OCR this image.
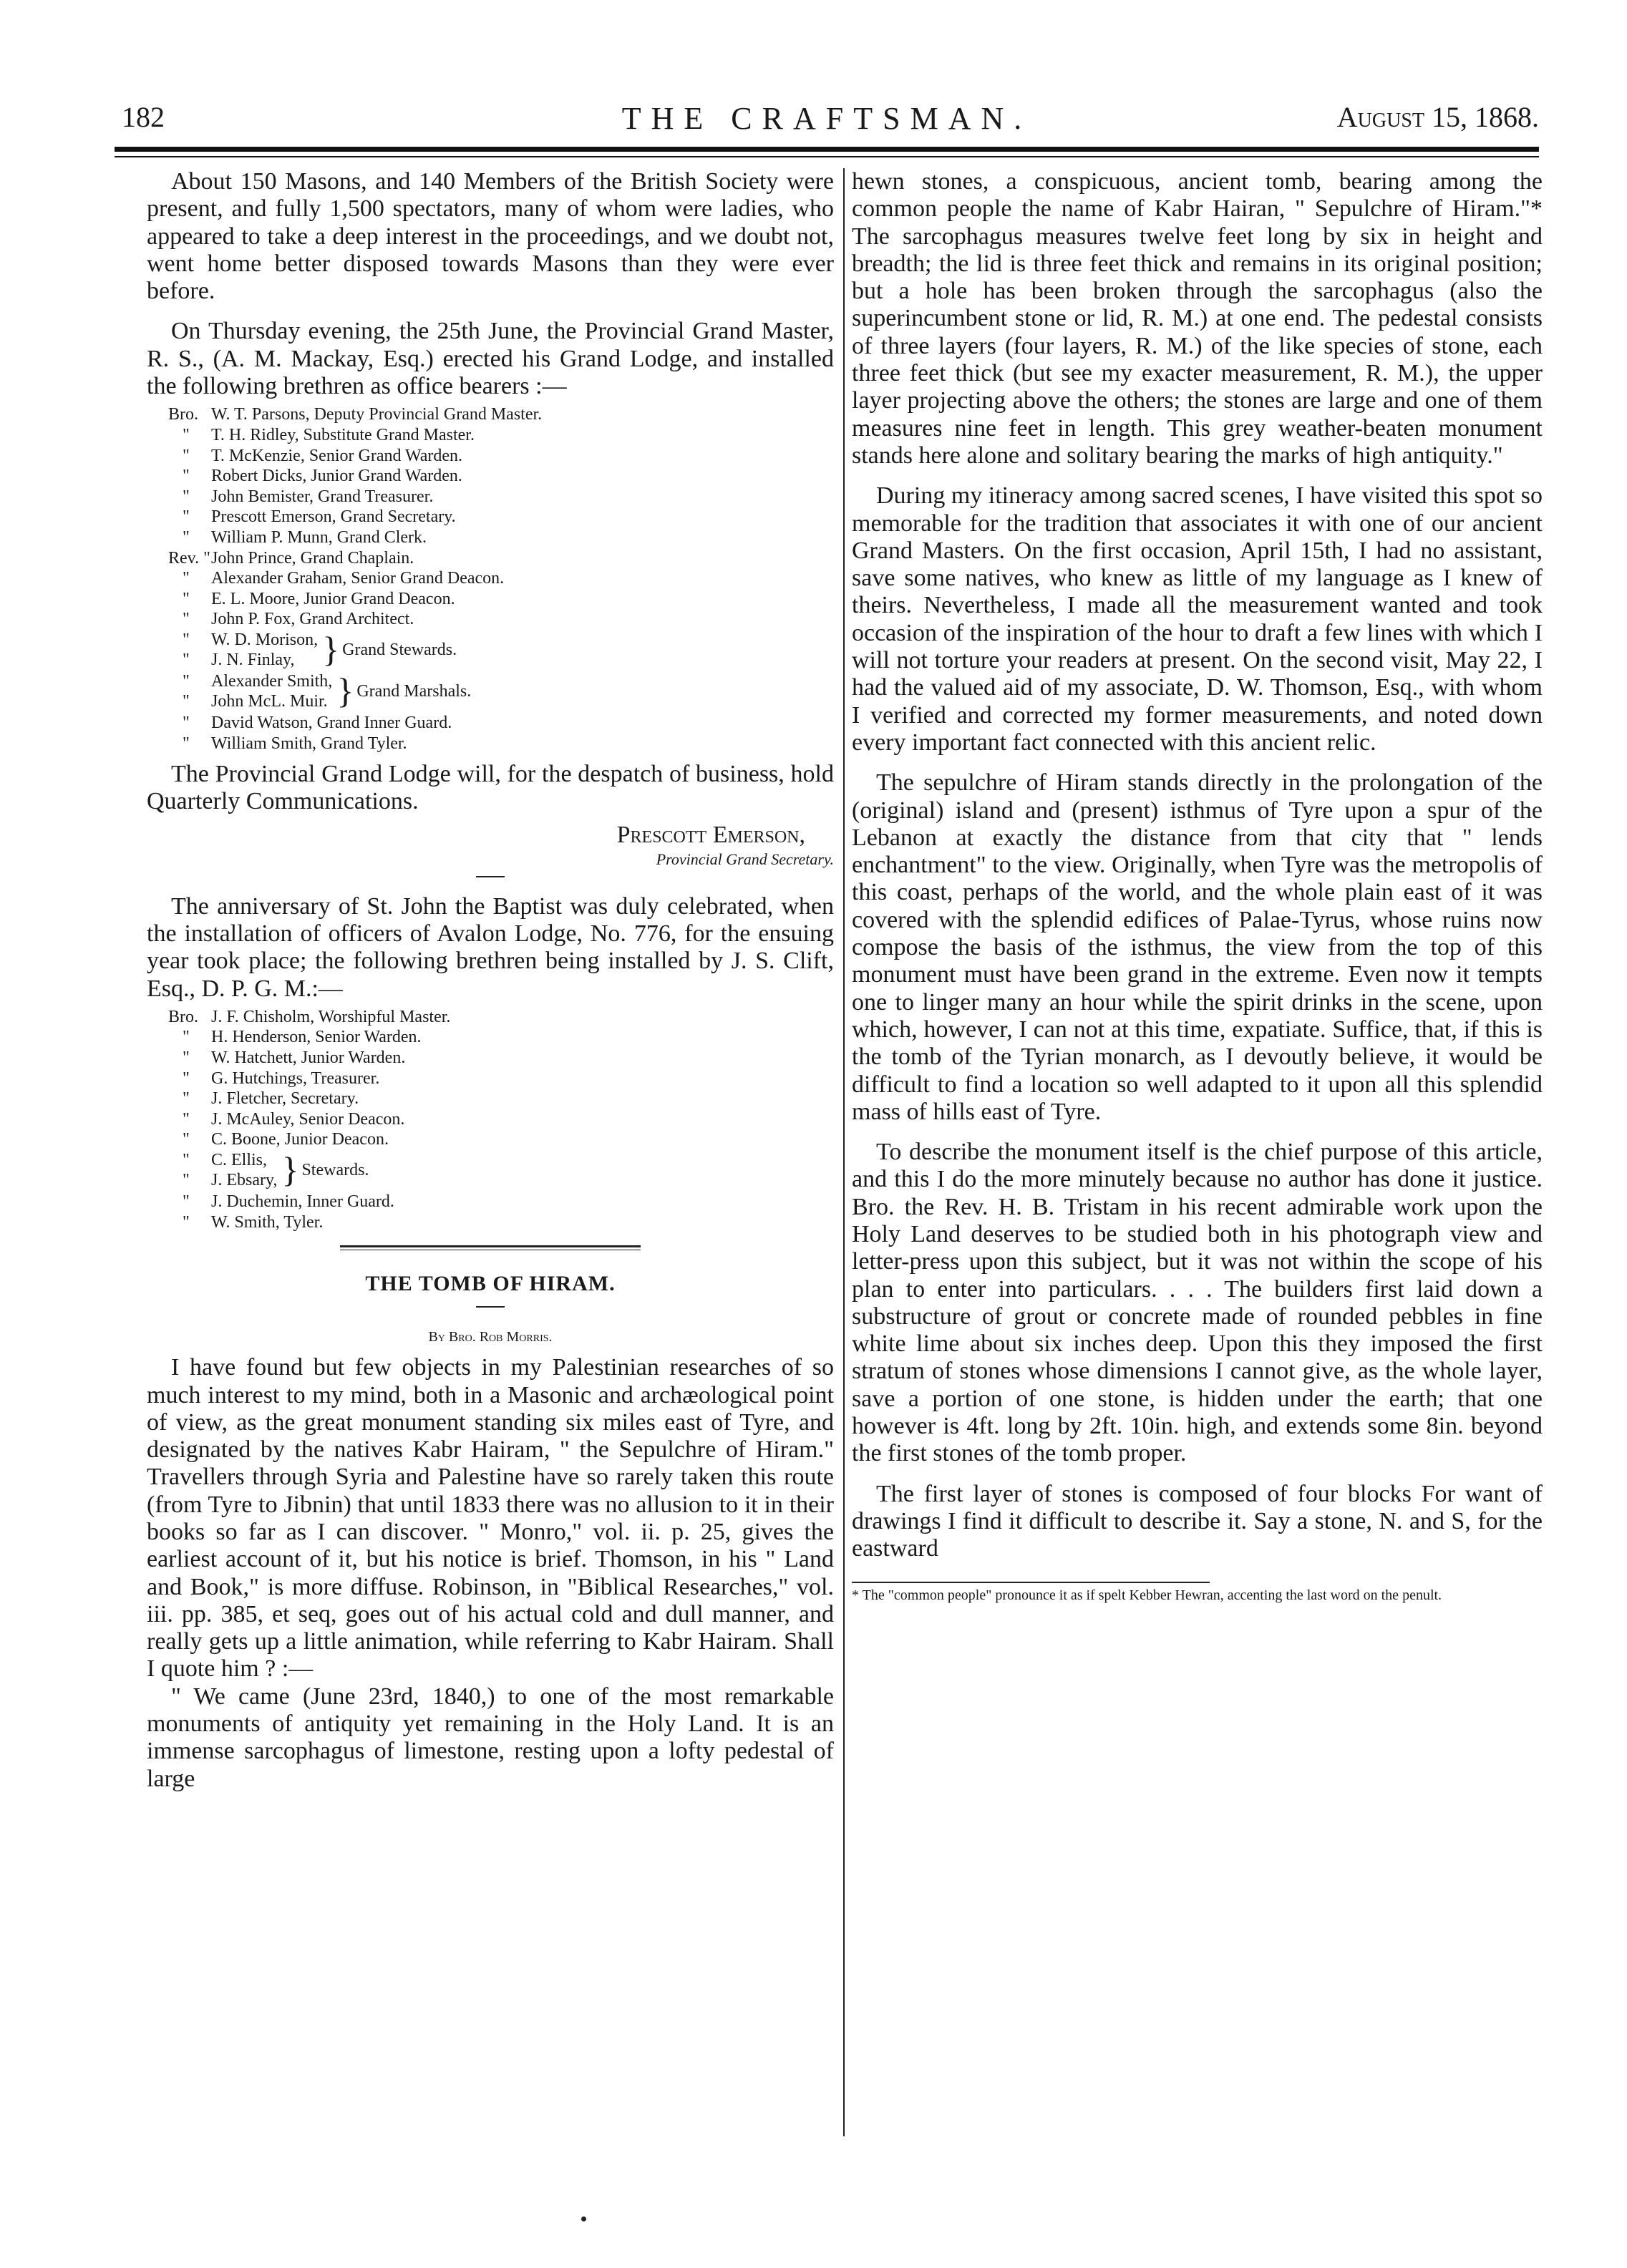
182	THE CRAFTSMAN.	August 15, 1868.

About 150 Masons, and 140 Members of the British Society were present, and fully 1,500 spectators, many of whom were ladies, who appeared to take a deep interest in the proceedings, and we doubt not, went home better disposed towards Masons than they were ever before.

On Thursday evening, the 25th June, the Provincial Grand Master, R. S., (A. M. Mackay, Esq.) erected his Grand Lodge, and installed the following brethren as office bearers :—

Bro. W. T. Parsons, Deputy Provincial Grand Master.
" T. H. Ridley, Substitute Grand Master.
" T. McKenzie, Senior Grand Warden.
" Robert Dicks, Junior Grand Warden.
" John Bemister, Grand Treasurer.
" Prescott Emerson, Grand Secretary.
" William P. Munn, Grand Clerk.
Rev. " John Prince, Grand Chaplain.
" Alexander Graham, Senior Grand Deacon.
" E. L. Moore, Junior Grand Deacon.
" John P. Fox, Grand Architect.
"
"
W. D. Morison,
J. N. Finlay, } Grand Stewards.
"
"
Alexander Smith,
John McL. Muir. } Grand Marshals.
" David Watson, Grand Inner Guard.
" William Smith, Grand Tyler.

The Provincial Grand Lodge will, for the despatch of business, hold Quarterly Communications.

Prescott Emerson,
Provincial Grand Secretary.

The anniversary of St. John the Baptist was duly celebrated, when the installation of officers of Avalon Lodge, No. 776, for the ensuing year took place; the following brethren being installed by J. S. Clift, Esq., D. P. G. M.:—

Bro. J. F. Chisholm, Worshipful Master.
" H. Henderson, Senior Warden.
" W. Hatchett, Junior Warden.
" G. Hutchings, Treasurer.
" J. Fletcher, Secretary.
" J. McAuley, Senior Deacon.
" C. Boone, Junior Deacon.
"
"
C. Ellis,
J. Ebsary, } Stewards.
" J. Duchemin, Inner Guard.
" W. Smith, Tyler.
THE TOMB OF HIRAM.
By Bro. Rob Morris.

I have found but few objects in my Palestinian researches of so much interest to my mind, both in a Masonic and archæological point of view, as the great monument standing six miles east of Tyre, and designated by the natives Kabr Hairam, " the Sepulchre of Hiram." Travellers through Syria and Palestine have so rarely taken this route (from Tyre to Jibnin) that until 1833 there was no allusion to it in their books so far as I can discover. " Monro," vol. ii. p. 25, gives the earliest account of it, but his notice is brief. Thomson, in his " Land and Book," is more diffuse. Robinson, in "Biblical Researches," vol. iii. pp. 385, et seq, goes out of his actual cold and dull manner, and really gets up a little animation, while referring to Kabr Hairam. Shall I quote him ? :—

" We came (June 23rd, 1840,) to one of the most remarkable monuments of antiquity yet remaining in the Holy Land. It is an immense sarcophagus of limestone, resting upon a lofty pedestal of large

hewn stones, a conspicuous, ancient tomb, bearing among the common people the name of Kabr Hairan, " Sepulchre of Hiram."* The sarcophagus measures twelve feet long by six in height and breadth; the lid is three feet thick and remains in its original position; but a hole has been broken through the sarcophagus (also the superincumbent stone or lid, R. M.) at one end. The pedestal consists of three layers (four layers, R. M.) of the like species of stone, each three feet thick (but see my exacter measurement, R. M.), the upper layer projecting above the others; the stones are large and one of them measures nine feet in length. This grey weather-beaten monument stands here alone and solitary bearing the marks of high antiquity."

During my itineracy among sacred scenes, I have visited this spot so memorable for the tradition that associates it with one of our ancient Grand Masters. On the first occasion, April 15th, I had no assistant, save some natives, who knew as little of my language as I knew of theirs. Nevertheless, I made all the measurement wanted and took occasion of the inspiration of the hour to draft a few lines with which I will not torture your readers at present. On the second visit, May 22, I had the valued aid of my associate, D. W. Thomson, Esq., with whom I verified and corrected my former measurements, and noted down every important fact connected with this ancient relic.

The sepulchre of Hiram stands directly in the prolongation of the (original) island and (present) isthmus of Tyre upon a spur of the Lebanon at exactly the distance from that city that " lends enchantment" to the view. Originally, when Tyre was the metropolis of this coast, perhaps of the world, and the whole plain east of it was covered with the splendid edifices of Palae-Tyrus, whose ruins now compose the basis of the isthmus, the view from the top of this monument must have been grand in the extreme. Even now it tempts one to linger many an hour while the spirit drinks in the scene, upon which, however, I can not at this time, expatiate. Suffice, that, if this is the tomb of the Tyrian monarch, as I devoutly believe, it would be difficult to find a location so well adapted to it upon all this splendid mass of hills east of Tyre.

To describe the monument itself is the chief purpose of this article, and this I do the more minutely because no author has done it justice. Bro. the Rev. H. B. Tristam in his recent admirable work upon the Holy Land deserves to be studied both in his photograph view and letter-press upon this subject, but it was not within the scope of his plan to enter into particulars. . . . The builders first laid down a substructure of grout or concrete made of rounded pebbles in fine white lime about six inches deep. Upon this they imposed the first stratum of stones whose dimensions I cannot give, as the whole layer, save a portion of one stone, is hidden under the earth; that one however is 4ft. long by 2ft. 10in. high, and extends some 8in. beyond the first stones of the tomb proper.

The first layer of stones is composed of four blocks For want of drawings I find it difficult to describe it. Say a stone, N. and S, for the eastward

* The "common people" pronounce it as if spelt Kebber Hewran, accenting the last word on the penult.
